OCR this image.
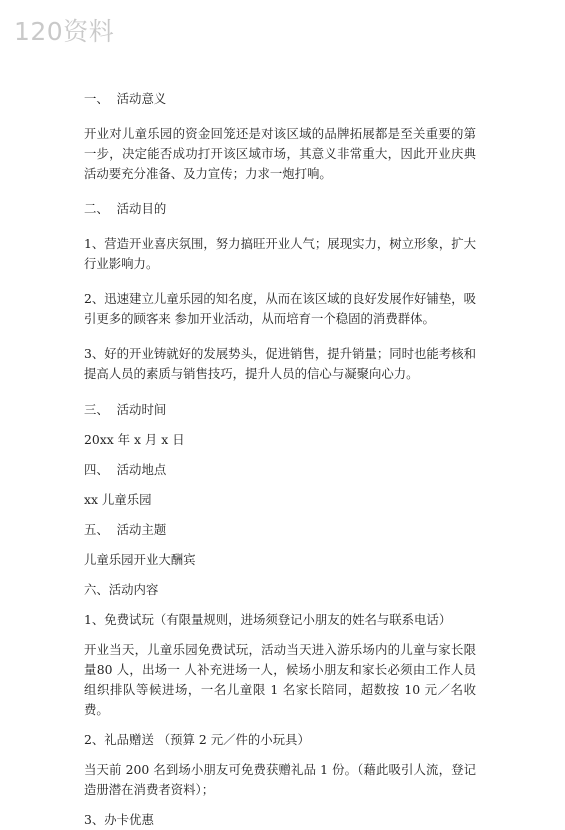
120资料

一、  活动意义

开业对儿童乐园的资金回笼还是对该区域的品牌拓展都是至关重要的第一步，决定能否成功打开该区域市场，其意义非常重大，因此开业庆典活动要充分准备、及力宣传；力求一炮打响。

二、  活动目的

1、营造开业喜庆氛围，努力搞旺开业人气；展现实力，树立形象，扩大行业影响力。

2、迅速建立儿童乐园的知名度，从而在该区域的良好发展作好铺垫，吸引更多的顾客来 参加开业活动，从而培育一个稳固的消费群体。

3、好的开业铸就好的发展势头，促进销售，提升销量；同时也能考核和提高人员的素质与销售技巧，提升人员的信心与凝聚向心力。

三、  活动时间

20xx 年 x 月 x 日

四、  活动地点

xx 儿童乐园

五、  活动主题

儿童乐园开业大酬宾

六、活动内容

1、免费试玩（有限量规则，进场须登记小朋友的姓名与联系电话）

开业当天，儿童乐园免费试玩，活动当天进入游乐场内的儿童与家长限量80 人，出场一 人补充进场一人，候场小朋友和家长必须由工作人员组织排队等候进场，一名儿童限 1 名家长陪同，超数按 10 元／名收费。

2、礼品赠送 （预算 2 元／件的小玩具）

当天前 200 名到场小朋友可免费获赠礼品 1 份。（藉此吸引人流，登记造册潜在消费者资料）；

3、办卡优惠
